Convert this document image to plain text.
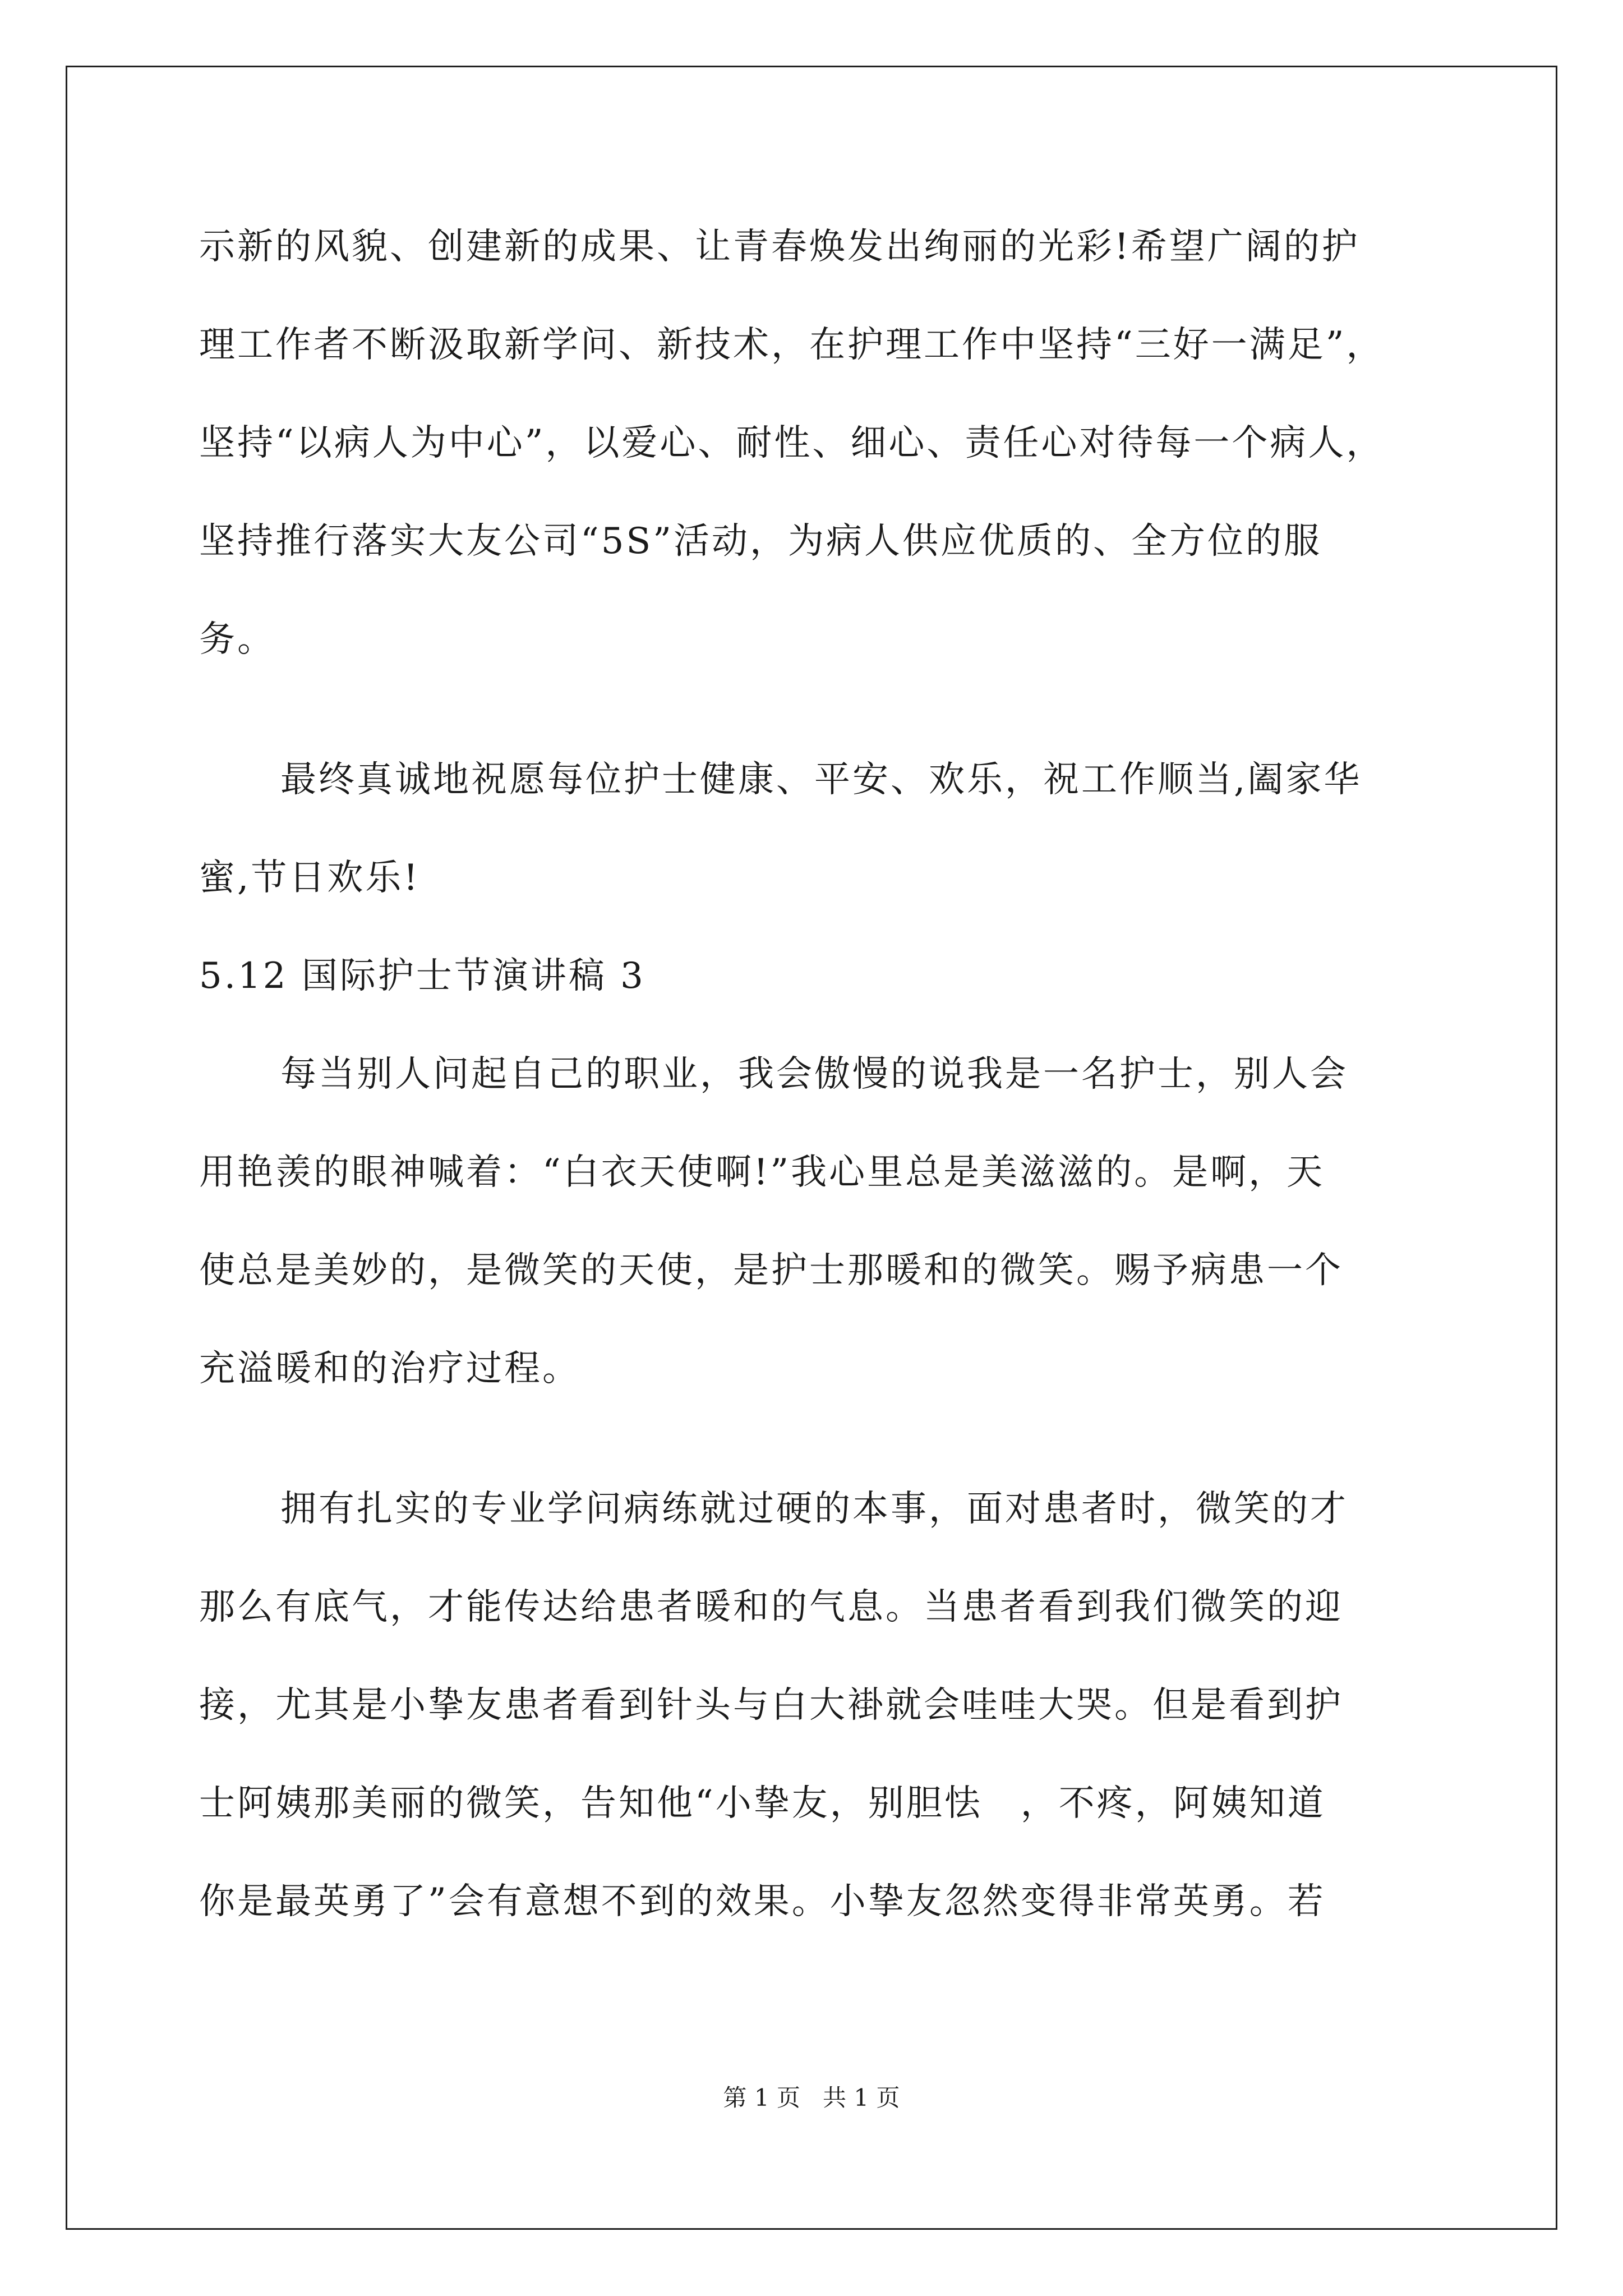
示新的风貌、创建新的成果、让青春焕发出绚丽的光彩!希望广阔的护
理工作者不断汲取新学问、新技术，在护理工作中坚持“三好一满足”，
坚持“以病人为中心”，以爱心、耐性、细心、责任心对待每一个病人，
坚持推行落实大友公司“5S”活动，为病人供应优质的、全方位的服
务。
最终真诚地祝愿每位护士健康、平安、欢乐，祝工作顺当,阖家华
蜜,节日欢乐!
5.12 国际护士节演讲稿 3
每当别人问起自己的职业，我会傲慢的说我是一名护士，别人会
用艳羡的眼神喊着：“白衣天使啊!”我心里总是美滋滋的。是啊，天
使总是美妙的，是微笑的天使，是护士那暖和的微笑。赐予病患一个
充溢暖和的治疗过程。
拥有扎实的专业学问病练就过硬的本事，面对患者时，微笑的才
那么有底气，才能传达给患者暖和的气息。当患者看到我们微笑的迎
接，尤其是小挚友患者看到针头与白大褂就会哇哇大哭。但是看到护
士阿姨那美丽的微笑，告知他“小挚友，别胆怯　，不疼，阿姨知道
你是最英勇了”会有意想不到的效果。小挚友忽然变得非常英勇。若
第 1 页   共 1 页
